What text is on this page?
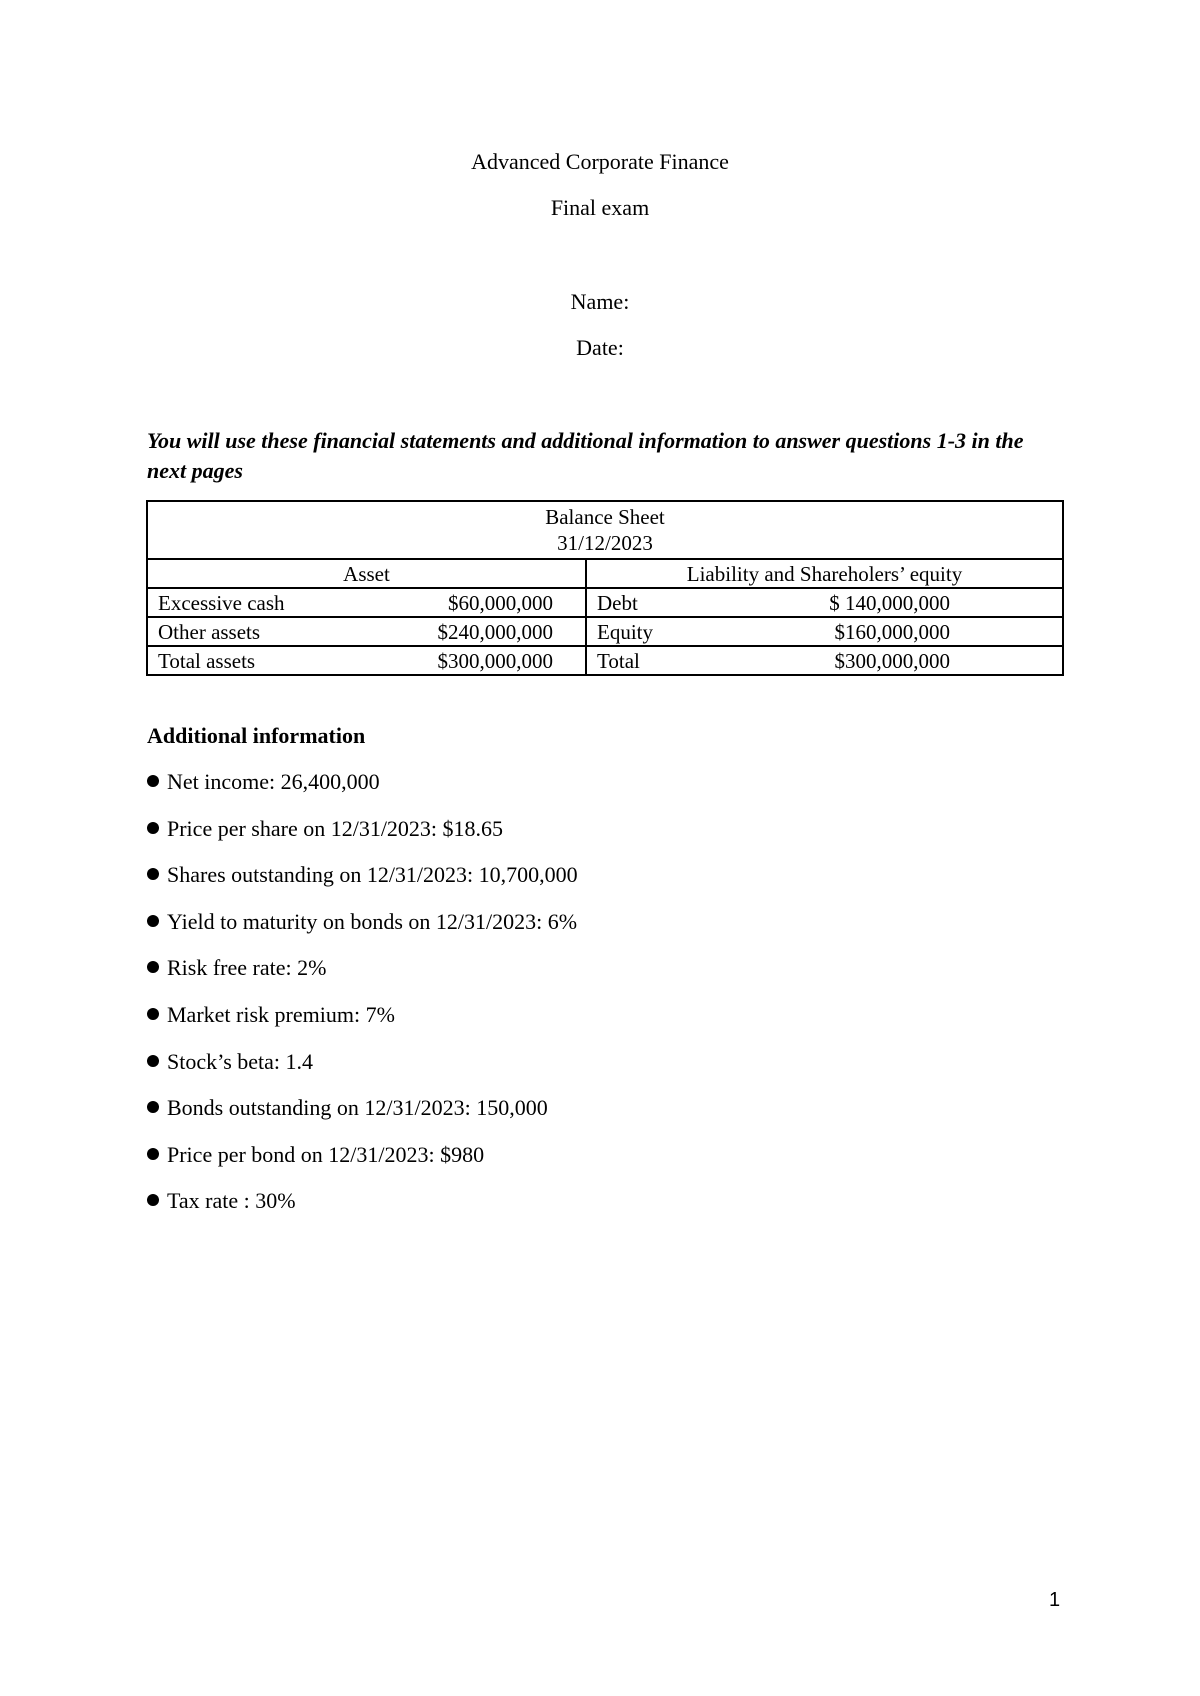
Advanced Corporate Finance
Final exam
Name:
Date:
You will use these financial statements and additional information to answer questions 1-3 in the next pages
Balance Sheet
31/12/2023	

Asset	Liability and Shareholers’ equity

Excessive cash $60,000,000	Debt $ 140,000,000

Other assets $240,000,000	Equity $160,000,000

Total assets $300,000,000	Total $300,000,000
Additional information
Net income: 26,400,000
Price per share on 12/31/2023: $18.65
Shares outstanding on 12/31/2023: 10,700,000
Yield to maturity on bonds on 12/31/2023: 6%
Risk free rate: 2%
Market risk premium: 7%
Stock’s beta: 1.4
Bonds outstanding on 12/31/2023: 150,000
Price per bond on 12/31/2023: $980
Tax rate : 30%
1
